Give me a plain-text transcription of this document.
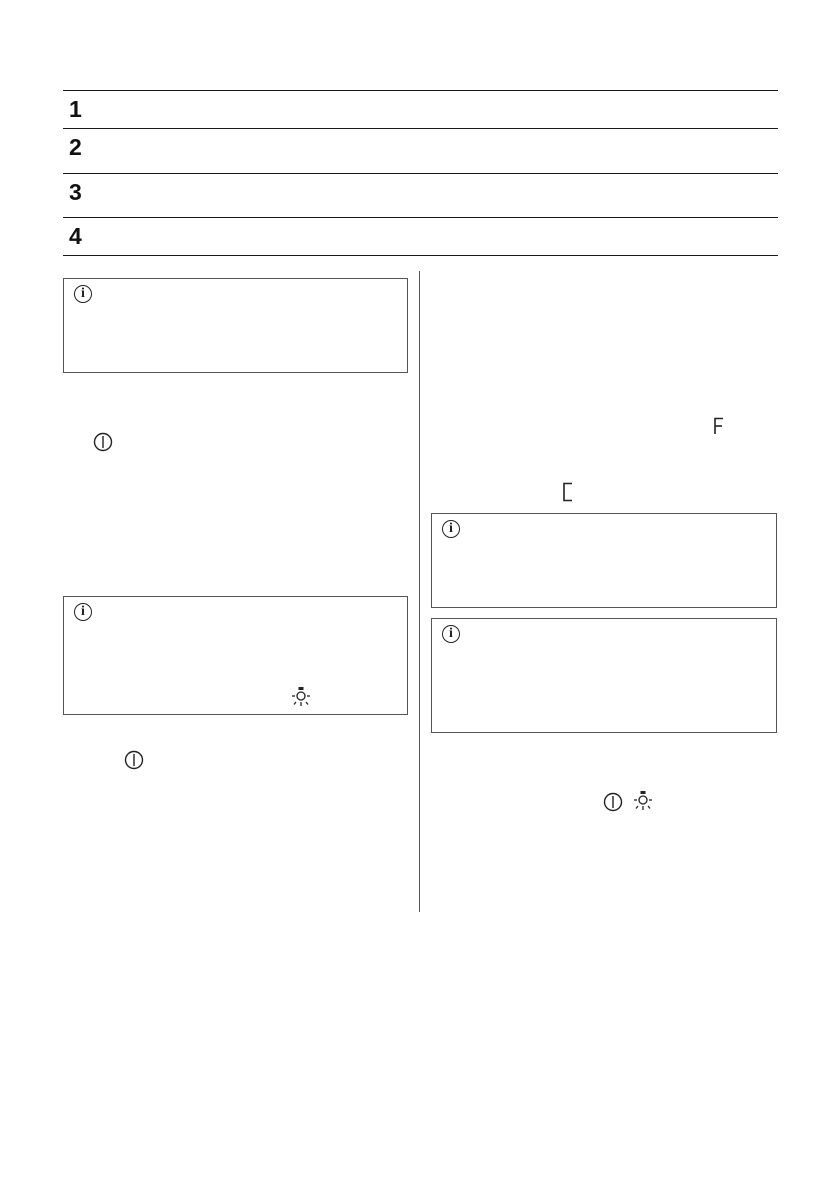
1
2
3
4
i
i
i
i
